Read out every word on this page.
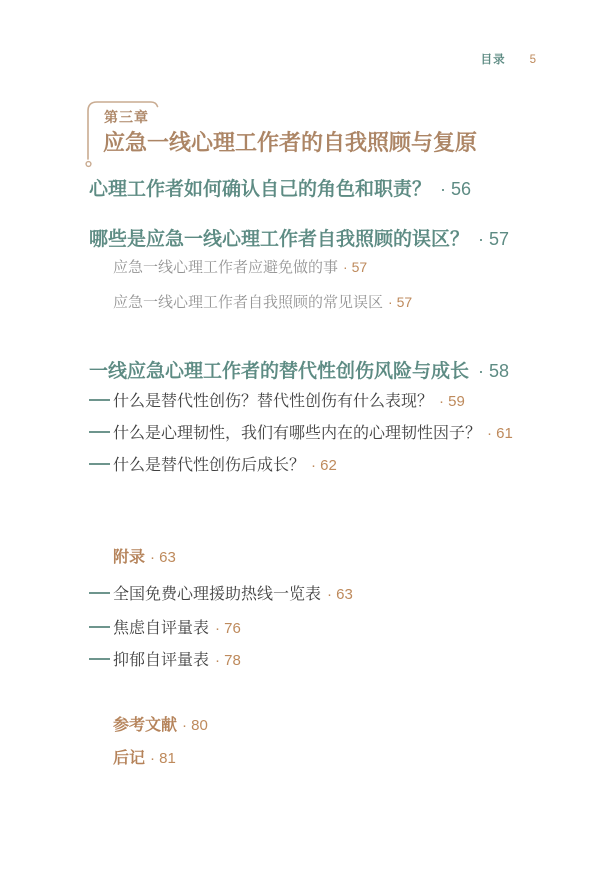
目录 5
第三章
应急一线心理工作者的自我照顾与复原
心理工作者如何确认自己的角色和职责？ · 56
哪些是应急一线心理工作者自我照顾的误区？ · 57
应急一线心理工作者应避免做的事 · 57
应急一线心理工作者自我照顾的常见误区 · 57
一线应急心理工作者的替代性创伤风险与成长 · 58
什么是替代性创伤？替代性创伤有什么表现？ · 59
什么是心理韧性，我们有哪些内在的心理韧性因子？ · 61
什么是替代性创伤后成长？ · 62
附录 · 63
全国免费心理援助热线一览表 · 63
焦虑自评量表 · 76
抑郁自评量表 · 78
参考文献 · 80
后记 · 81
